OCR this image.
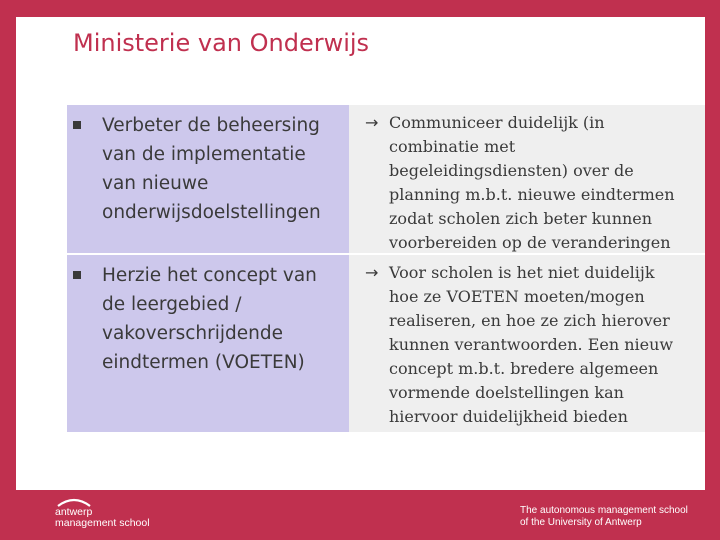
Ministerie van Onderwijs
Verbeter de beheersing van de implementatie van nieuwe onderwijsdoelstellingen
→ Communiceer duidelijk (in
combinatie met
begeleidingsdiensten) over de
planning m.b.t. nieuwe eindtermen
zodat scholen zich beter kunnen
voorbereiden op de veranderingen
Herzie het concept van de leergebied / vakoverschrijdende eindtermen (VOETEN)
→ Voor scholen is het niet duidelijk
hoe ze VOETEN moeten/mogen
realiseren, en hoe ze zich hierover
kunnen verantwoorden. Een nieuw
concept m.b.t. bredere algemeen
vormende doelstellingen kan
hiervoor duidelijkheid bieden
antwerp
management school
The autonomous management school
of the University of Antwerp
